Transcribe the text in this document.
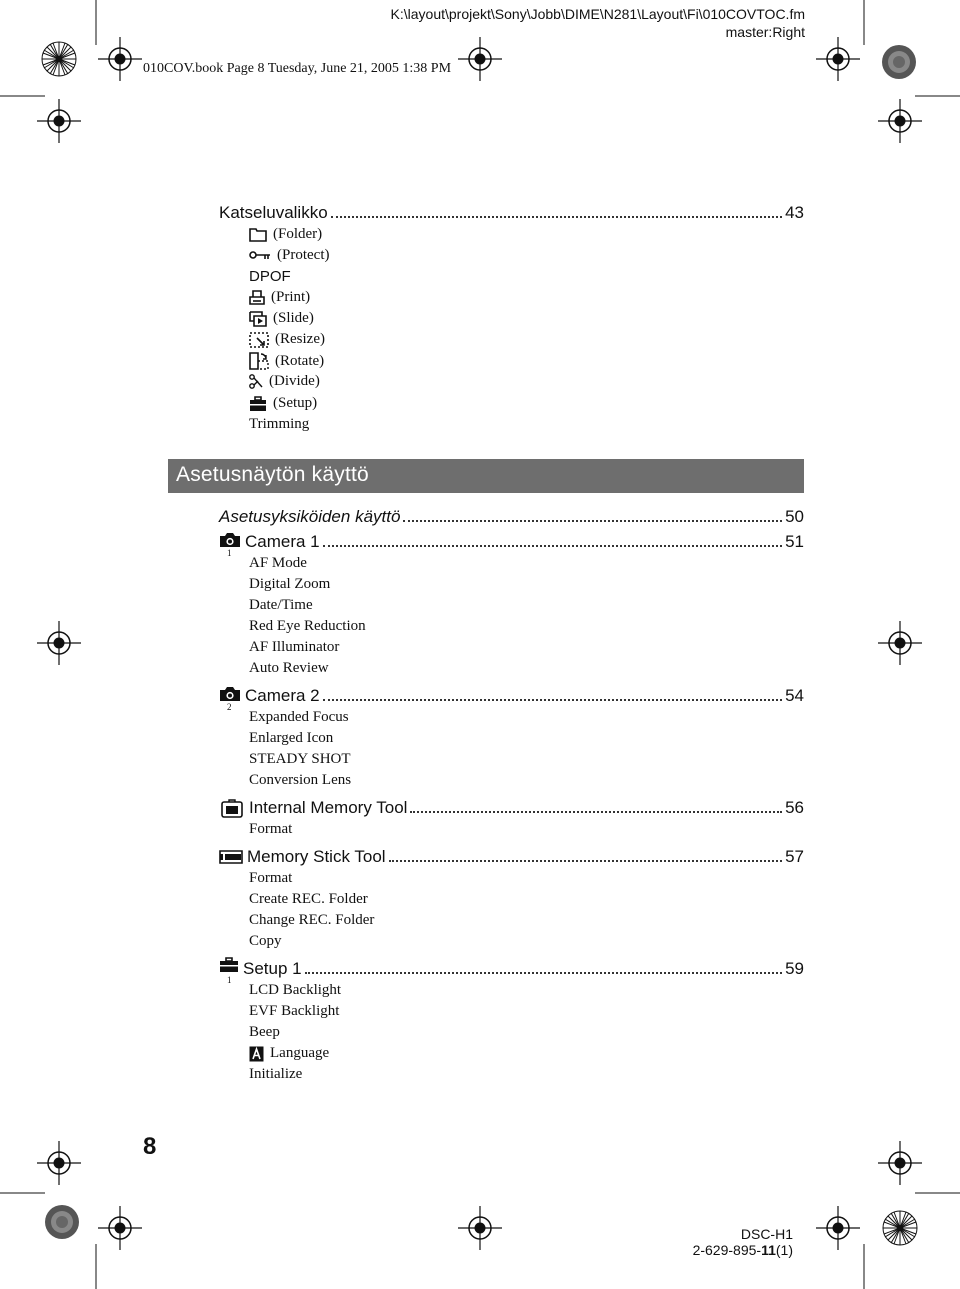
K:\layout\projekt\Sony\Jobb\DIME\N281\Layout\Fi\010COVTOC.fm
master:Right
010COV.book Page 8 Tuesday, June 21, 2005 1:38 PM
Katseluvalikko	43
(Folder)
(Protect)
DPOF
(Print)
(Slide)
(Resize)
(Rotate)
(Divide)
(Setup)
Trimming
Asetusnäytön käyttö
Asetusyksiköiden käyttö	50
1
Camera 1	51
AF Mode
Digital Zoom
Date/Time
Red Eye Reduction
AF Illuminator
Auto Review
2
Camera 2	54
Expanded Focus
Enlarged Icon
STEADY SHOT
Conversion Lens
Internal Memory Tool	56
Format
Memory Stick Tool	57
Format
Create REC. Folder
Change REC. Folder
Copy
1
Setup 1	59
LCD Backlight
EVF Backlight
Beep
Language
Initialize
8
DSC-H1
2-629-895-11(1)
